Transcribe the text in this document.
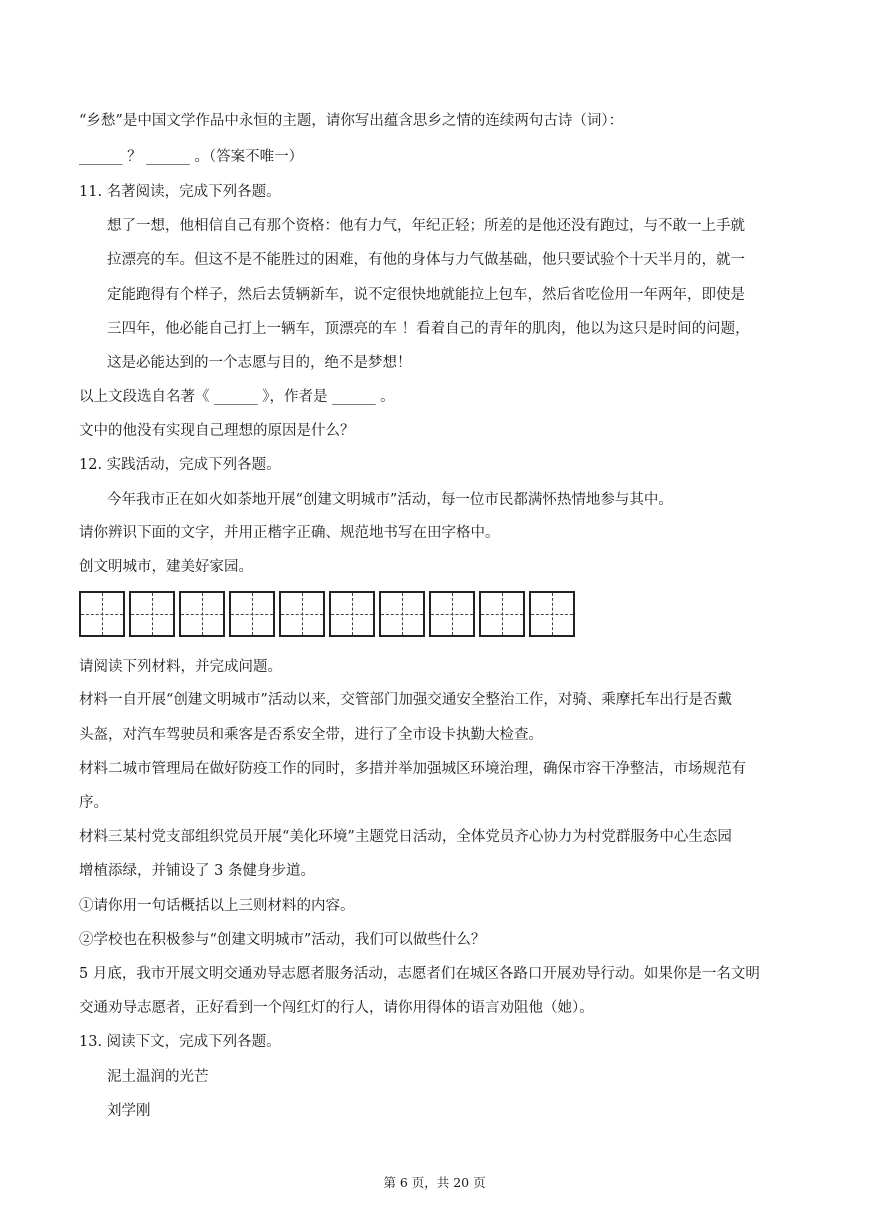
“乡愁”是中国文学作品中永恒的主题，请你写出蕴含思乡之情的连续两句古诗（词）：
______ ？ ______ 。（答案不唯一）
11. 名著阅读，完成下列各题。
想了一想，他相信自己有那个资格：他有力气，年纪正轻；所差的是他还没有跑过，与不敢一上手就
拉漂亮的车。但这不是不能胜过的困难，有他的身体与力气做基础，他只要试验个十天半月的，就一
定能跑得有个样子，然后去赁辆新车，说不定很快地就能拉上包车，然后省吃俭用一年两年，即使是
三四年，他必能自己打上一辆车，顶漂亮的车 ！看着自己的青年的肌肉，他以为这只是时间的问题，
这是必能达到的一个志愿与目的，绝不是梦想！
以上文段选自名著《 ______ 》，作者是 ______ 。
文中的他没有实现自己理想的原因是什么？
12. 实践活动，完成下列各题。
今年我市正在如火如荼地开展“创建文明城市”活动，每一位市民都满怀热情地参与其中。
请你辨识下面的文字，并用正楷字正确、规范地书写在田字格中。
创文明城市，建美好家园。
请阅读下列材料，并完成问题。
材料一自开展“创建文明城市”活动以来，交管部门加强交通安全整治工作，对骑、乘摩托车出行是否戴
头盔，对汽车驾驶员和乘客是否系安全带，进行了全市设卡执勤大检查。
材料二城市管理局在做好防疫工作的同时，多措并举加强城区环境治理，确保市容干净整洁，市场规范有
序。
材料三某村党支部组织党员开展“美化环境”主题党日活动，全体党员齐心协力为村党群服务中心生态园
增植添绿，并铺设了 3 条健身步道。
①请你用一句话概括以上三则材料的内容。
②学校也在积极参与“创建文明城市”活动，我们可以做些什么？
5 月底，我市开展文明交通劝导志愿者服务活动，志愿者们在城区各路口开展劝导行动。如果你是一名文明
交通劝导志愿者，正好看到一个闯红灯的行人，请你用得体的语言劝阻他（她）。
13. 阅读下文，完成下列各题。
泥土温润的光芒
刘学刚
第 6 页，共 20 页
